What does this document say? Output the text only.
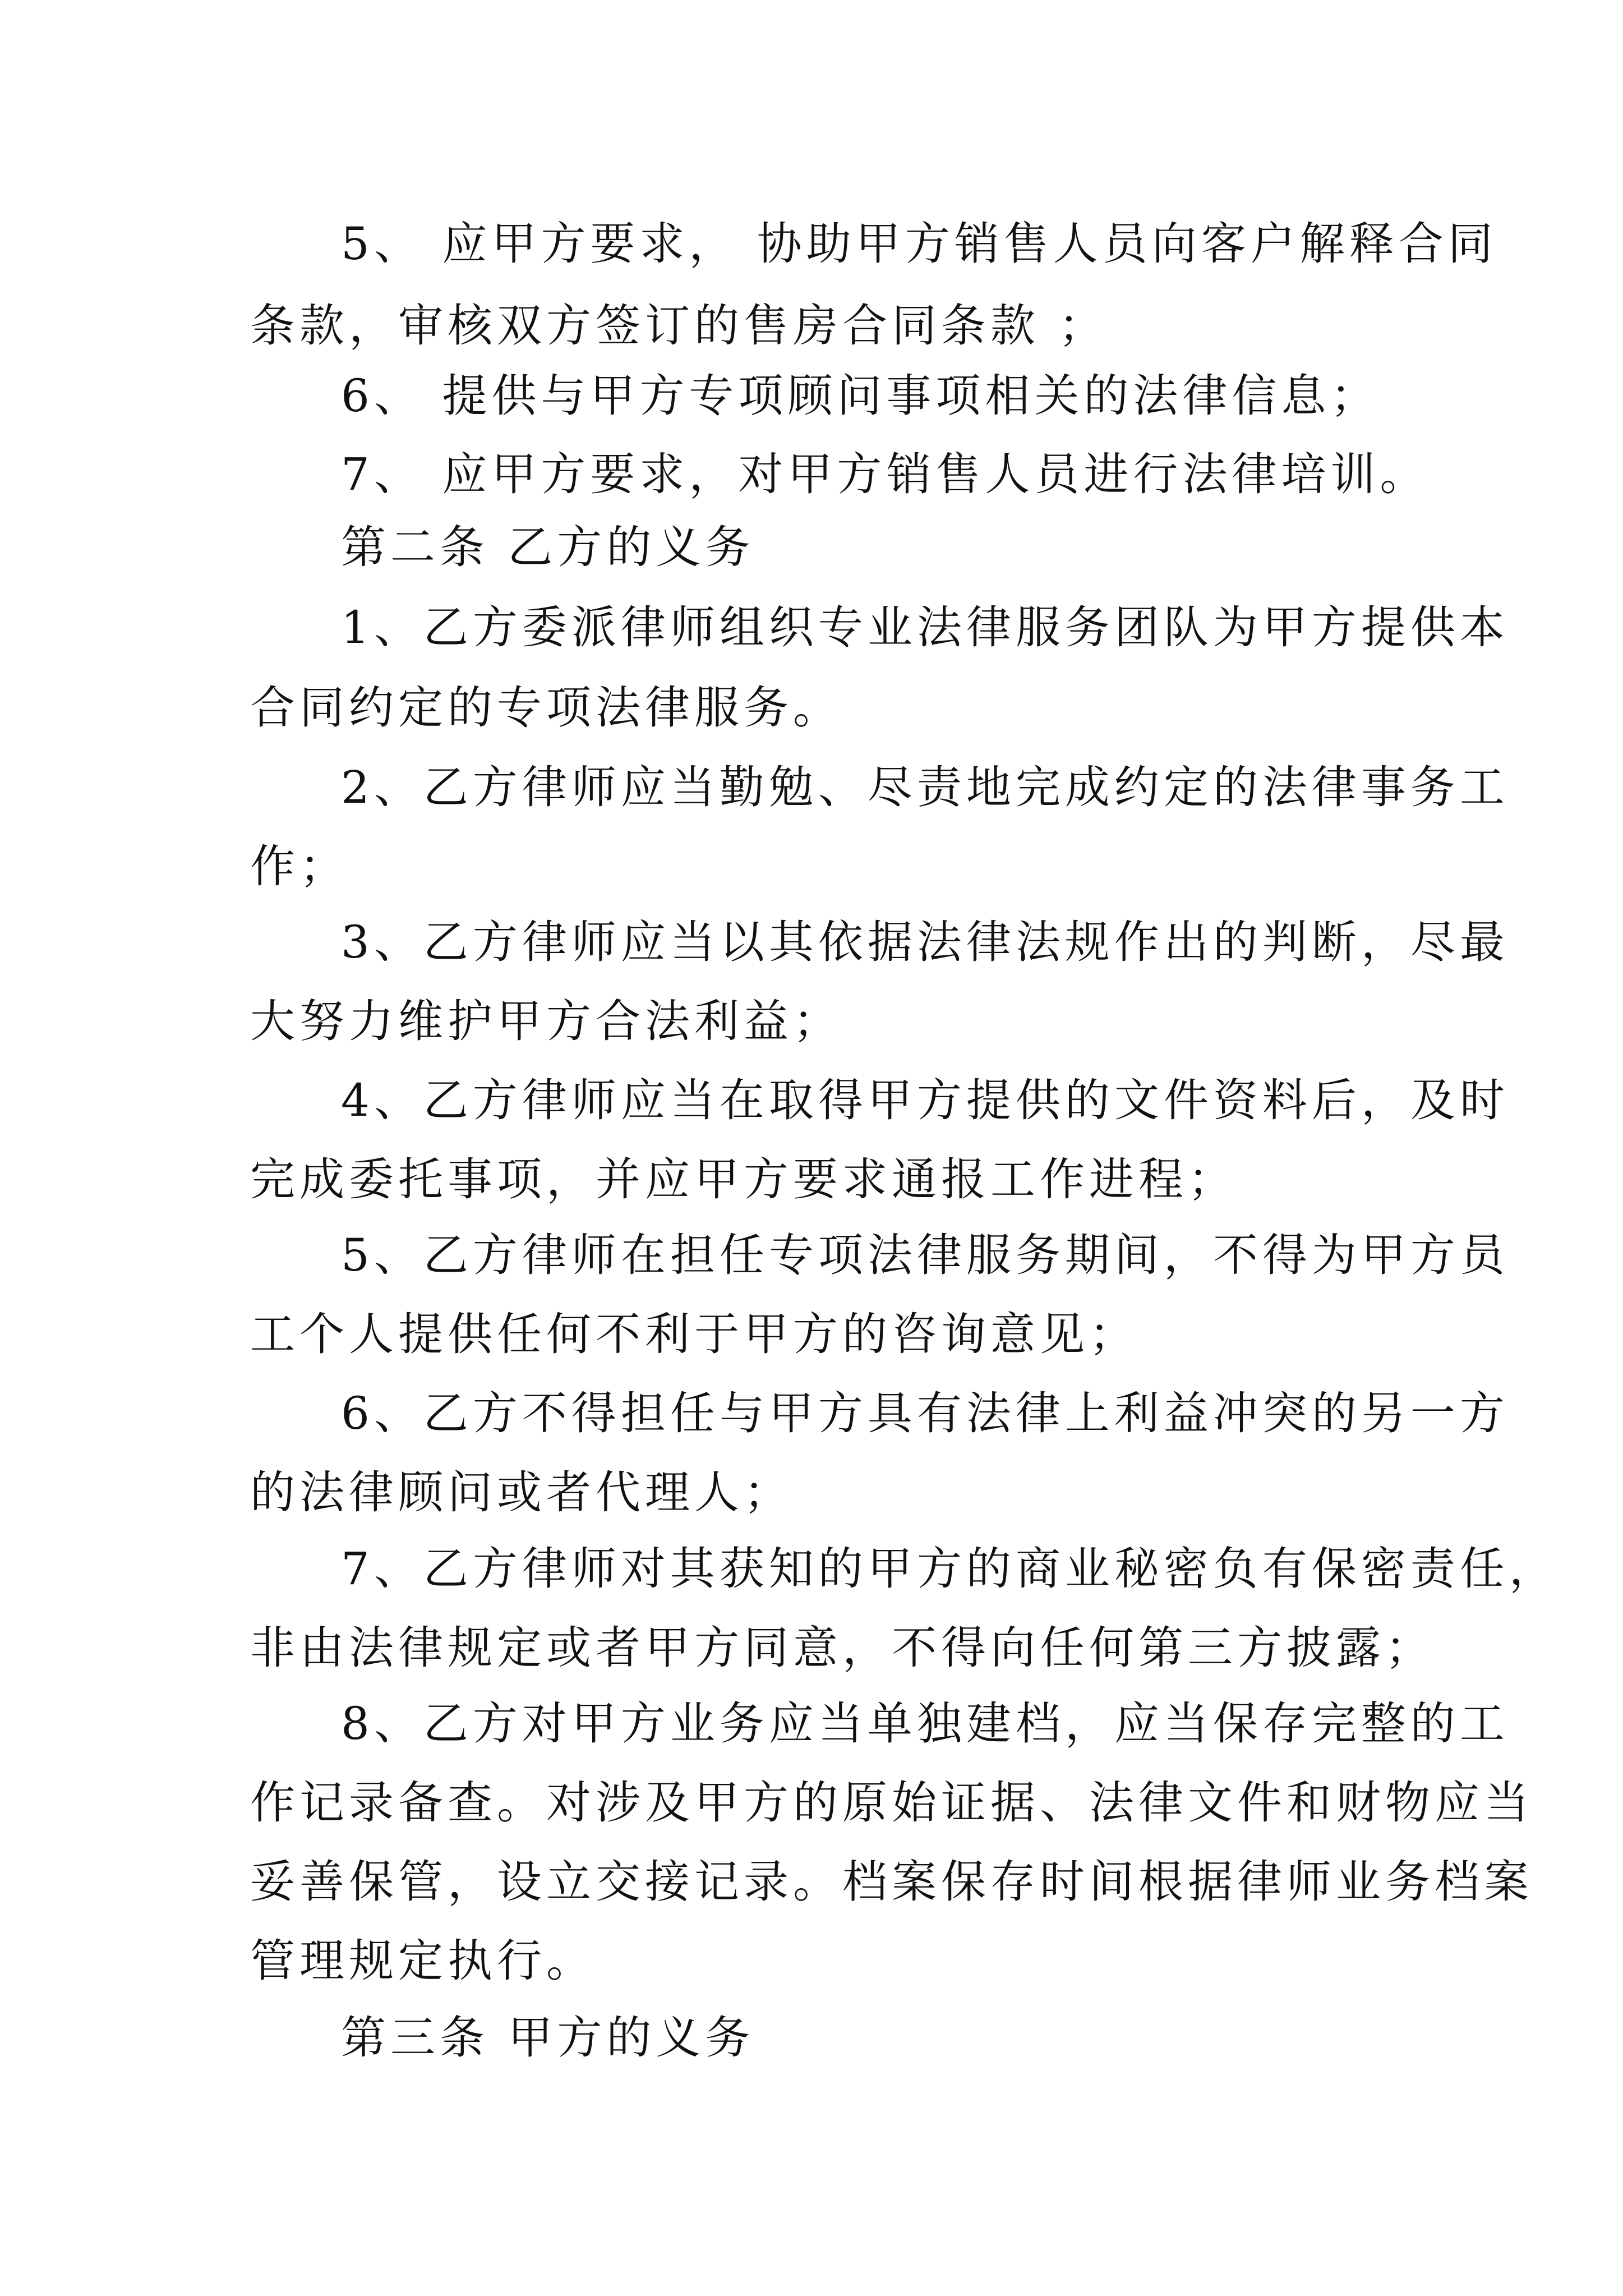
5、 应甲方要求， 协助甲方销售人员向客户解释合同
条款，审核双方签订的售房合同条款 ；
6、 提供与甲方专项顾问事项相关的法律信息；
7、 应甲方要求，对甲方销售人员进行法律培训。
第二条 乙方的义务
1、乙方委派律师组织专业法律服务团队为甲方提供本
合同约定的专项法律服务。
2、乙方律师应当勤勉、尽责地完成约定的法律事务工
作；
3、乙方律师应当以其依据法律法规作出的判断，尽最
大努力维护甲方合法利益；
4、乙方律师应当在取得甲方提供的文件资料后，及时
完成委托事项，并应甲方要求通报工作进程；
5、乙方律师在担任专项法律服务期间，不得为甲方员
工个人提供任何不利于甲方的咨询意见；
6、乙方不得担任与甲方具有法律上利益冲突的另一方
的法律顾问或者代理人；
7、乙方律师对其获知的甲方的商业秘密负有保密责任，
非由法律规定或者甲方同意，不得向任何第三方披露；
8、乙方对甲方业务应当单独建档，应当保存完整的工
作记录备查。对涉及甲方的原始证据、法律文件和财物应当
妥善保管，设立交接记录。档案保存时间根据律师业务档案
管理规定执行。
第三条 甲方的义务
